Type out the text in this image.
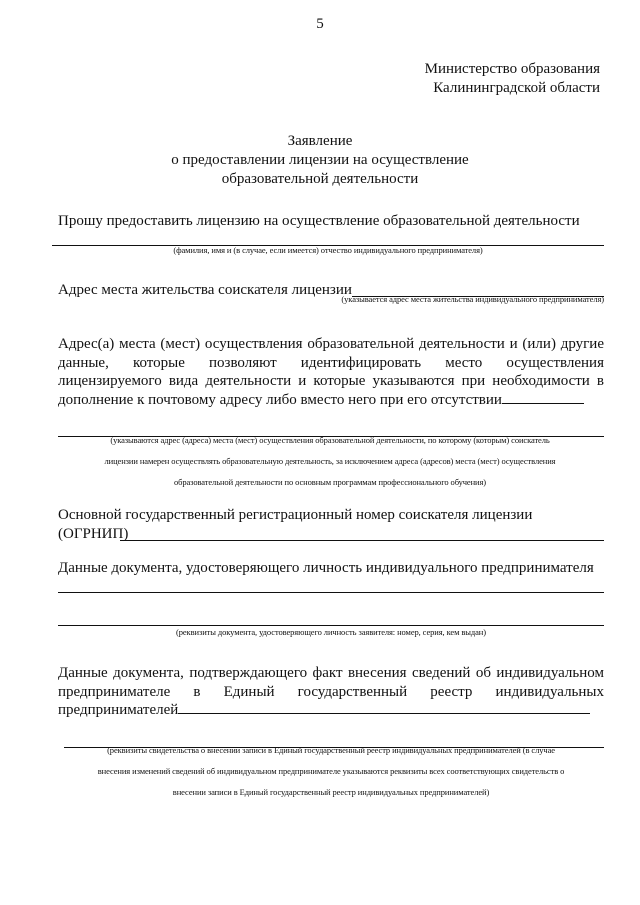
5
Министерство образования
Калининградской области
Заявление
о предоставлении лицензии на осуществление
образовательной деятельности
Прошу предоставить лицензию на осуществление образовательной деятельности
(фамилия, имя и (в случае, если имеется) отчество индивидуального предпринимателя)
Адрес места жительства соискателя лицензии
(указывается адрес места жительства индивидуального предпринимателя)
Адрес(а) места (мест) осуществления образовательной деятельности и (или) другие
данные, которые позволяют идентифицировать место осуществления
лицензируемого вида деятельности и которые указываются при необходимости в
дополнение к почтовому адресу либо вместо него при его отсутствии
(указываются адрес (адреса) места (мест) осуществления образовательной деятельности, по которому (которым) соискатель
лицензии намерен осуществлять образовательную деятельность, за исключением адреса (адресов) места (мест) осуществления
образовательной деятельности по основным программам профессионального обучения)
Основной государственный регистрационный номер соискателя лицензии
(ОГРНИП)
Данные документа, удостоверяющего личность индивидуального предпринимателя
(реквизиты документа, удостоверяющего личность заявителя: номер, серия, кем выдан)
Данные документа, подтверждающего факт внесения сведений об индивидуальном
предпринимателе в Единый государственный реестр индивидуальных
предпринимателей
(реквизиты свидетельства о внесении записи в Единый государственный реестр индивидуальных предпринимателей (в случае
внесения изменений сведений об индивидуальном предпринимателе указываются реквизиты всех соответствующих свидетельств о
внесении записи в Единый государственный реестр индивидуальных предпринимателей)
